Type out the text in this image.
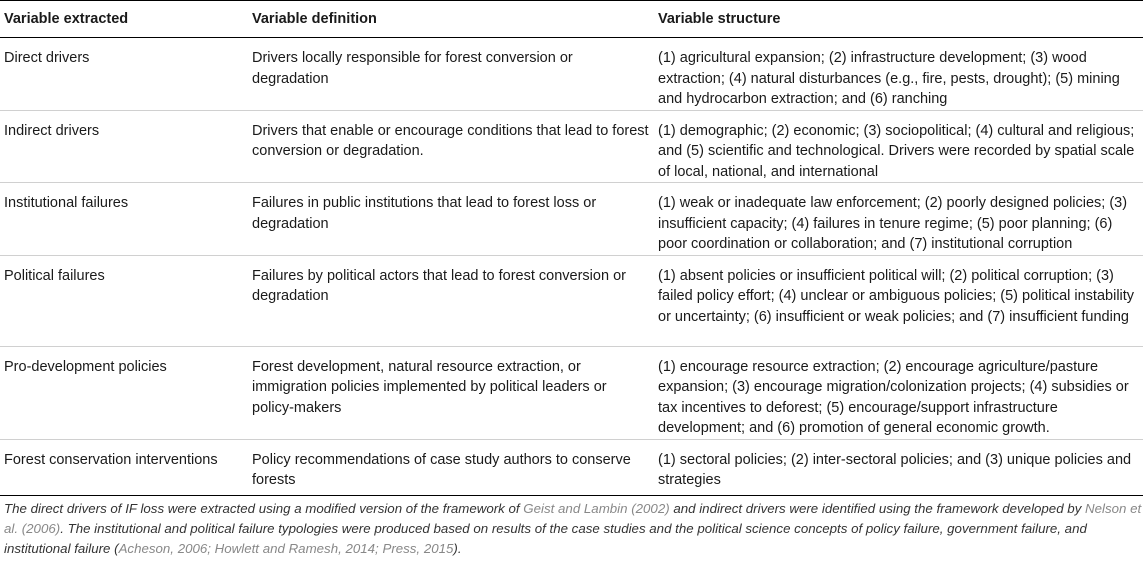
Variable extracted	Variable definition	Variable structure
Direct drivers	Drivers locally responsible for forest conversion or degradation	(1) agricultural expansion; (2) infrastructure development; (3) wood extraction; (4) natural disturbances (e.g., fire, pests, drought); (5) mining and hydrocarbon extraction; and (6) ranching
Indirect drivers	Drivers that enable or encourage conditions that lead to forest conversion or degradation.	(1) demographic; (2) economic; (3) sociopolitical; (4) cultural and religious; and (5) scientific and technological. Drivers were recorded by spatial scale of local, national, and international
Institutional failures	Failures in public institutions that lead to forest loss or degradation	(1) weak or inadequate law enforcement; (2) poorly designed policies; (3) insufficient capacity; (4) failures in tenure regime; (5) poor planning; (6) poor coordination or collaboration; and (7) institutional corruption
Political failures	Failures by political actors that lead to forest conversion or degradation	(1) absent policies or insufficient political will; (2) political corruption; (3) failed policy effort; (4) unclear or ambiguous policies; (5) political instability or uncertainty; (6) insufficient or weak policies; and (7) insufficient funding
Pro-development policies	Forest development, natural resource extraction, or immigration policies implemented by political leaders or policy-makers	(1) encourage resource extraction; (2) encourage agriculture/pasture expansion; (3) encourage migration/colonization projects; (4) subsidies or tax incentives to deforest; (5) encourage/support infrastructure development; and (6) promotion of general economic growth.
Forest conservation interventions	Policy recommendations of case study authors to conserve forests	(1) sectoral policies; (2) inter-sectoral policies; and (3) unique policies and strategies
The direct drivers of IF loss were extracted using a modified version of the framework of Geist and Lambin (2002) and indirect drivers were identified using the framework developed by Nelson et al. (2006). The institutional and political failure typologies were produced based on results of the case studies and the political science concepts of policy failure, government failure, and institutional failure (Acheson, 2006; Howlett and Ramesh, 2014; Press, 2015).
